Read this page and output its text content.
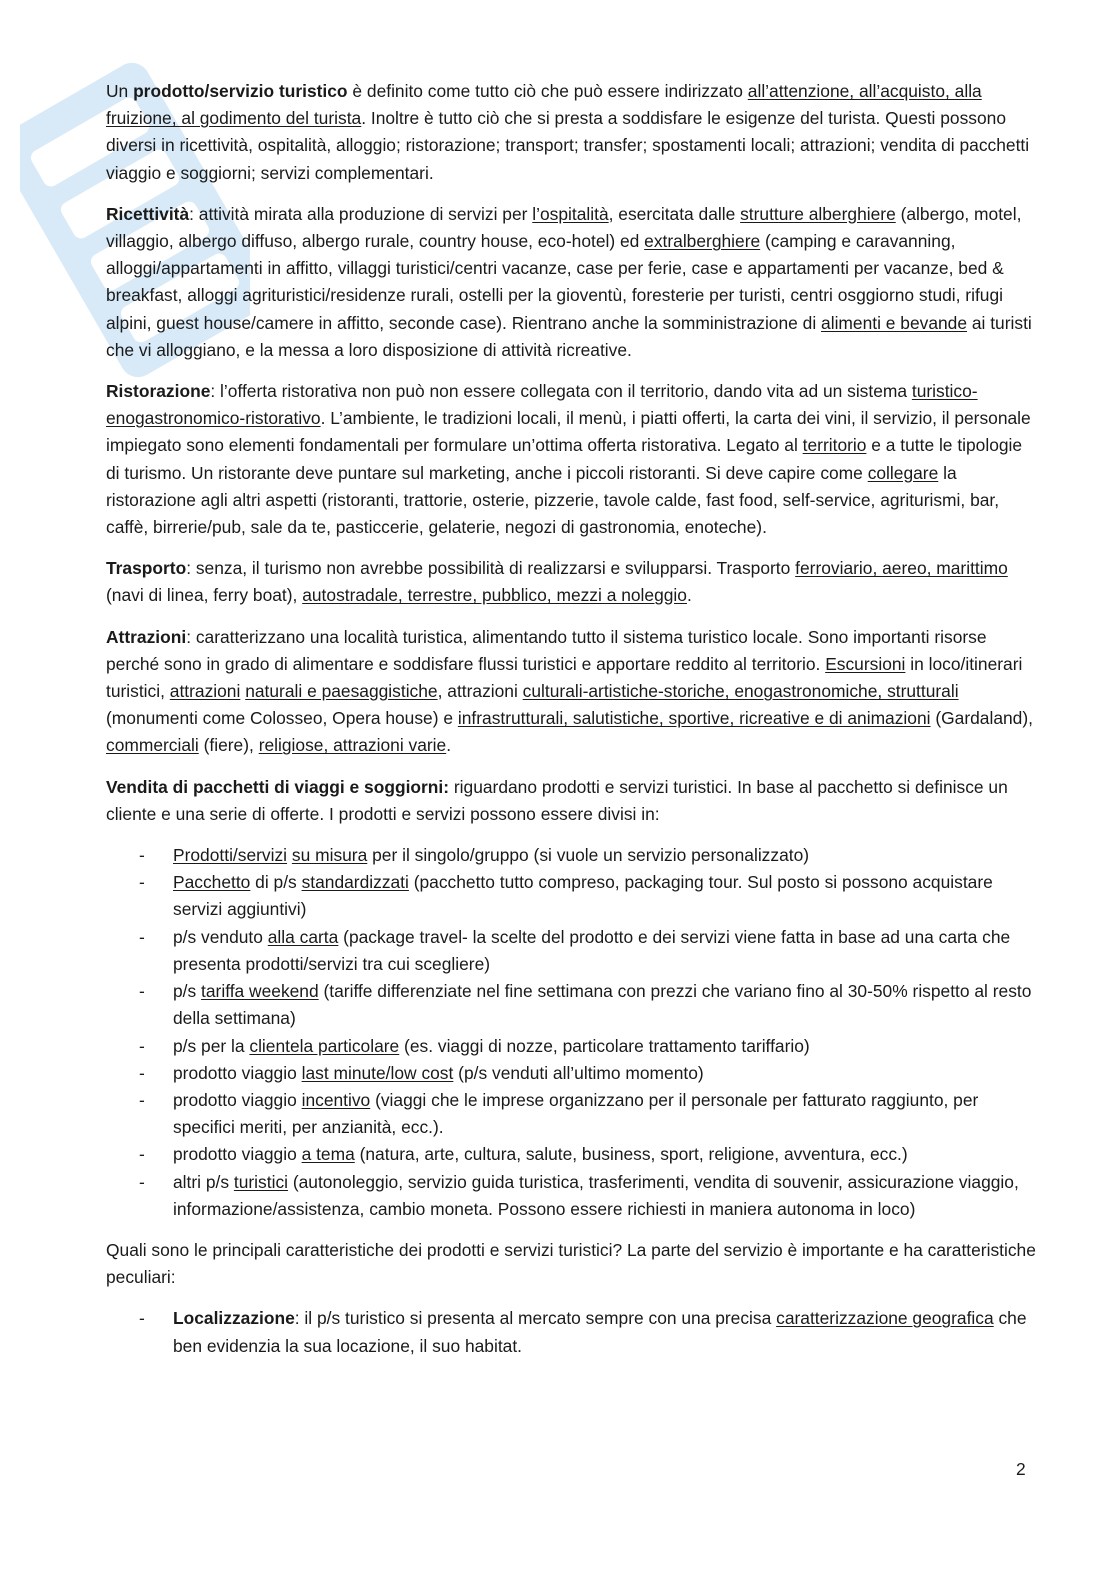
Un prodotto/servizio turistico è definito come tutto ciò che può essere indirizzato all’attenzione, all’acquisto, alla fruizione, al godimento del turista. Inoltre è tutto ciò che si presta a soddisfare le esigenze del turista. Questi possono diversi in ricettività, ospitalità, alloggio; ristorazione; transport; transfer; spostamenti locali; attrazioni; vendita di pacchetti viaggio e soggiorni; servizi complementari.

Ricettività: attività mirata alla produzione di servizi per l’ospitalità, esercitata dalle strutture alberghiere (albergo, motel, villaggio, albergo diffuso, albergo rurale, country house, eco-hotel) ed extralberghiere (camping e caravanning, alloggi/appartamenti in affitto, villaggi turistici/centri vacanze, case per ferie, case e appartamenti per vacanze, bed & breakfast, alloggi agrituristici/residenze rurali, ostelli per la gioventù, foresterie per turisti, centri osggiorno studi, rifugi alpini, guest house/camere in affitto, seconde case). Rientrano anche la somministrazione di alimenti e bevande ai turisti che vi alloggiano, e la messa a loro disposizione di attività ricreative.

Ristorazione: l’offerta ristorativa non può non essere collegata con il territorio, dando vita ad un sistema turistico-enogastronomico-ristorativo. L’ambiente, le tradizioni locali, il menù, i piatti offerti, la carta dei vini, il servizio, il personale impiegato sono elementi fondamentali per formulare un’ottima offerta ristorativa. Legato al territorio e a tutte le tipologie di turismo. Un ristorante deve puntare sul marketing, anche i piccoli ristoranti. Si deve capire come collegare la ristorazione agli altri aspetti (ristoranti, trattorie, osterie, pizzerie, tavole calde, fast food, self-service, agriturismi, bar, caffè, birrerie/pub, sale da te, pasticcerie, gelaterie, negozi di gastronomia, enoteche).

Trasporto: senza, il turismo non avrebbe possibilità di realizzarsi e svilupparsi. Trasporto ferroviario, aereo, marittimo (navi di linea, ferry boat), autostradale, terrestre, pubblico, mezzi a noleggio.

Attrazioni: caratterizzano una località turistica, alimentando tutto il sistema turistico locale. Sono importanti risorse perché sono in grado di alimentare e soddisfare flussi turistici e apportare reddito al territorio. Escursioni in loco/itinerari turistici, attrazioni naturali e paesaggistiche, attrazioni culturali-artistiche-storiche, enogastronomiche, strutturali (monumenti come Colosseo, Opera house) e infrastrutturali, salutistiche, sportive, ricreative e di animazioni (Gardaland), commerciali (fiere), religiose, attrazioni varie.

Vendita di pacchetti di viaggi e soggiorni: riguardano prodotti e servizi turistici. In base al pacchetto si definisce un cliente e una serie di offerte. I prodotti e servizi possono essere divisi in:

- Prodotti/servizi su misura per il singolo/gruppo (si vuole un servizio personalizzato)
- Pacchetto di p/s standardizzati (pacchetto tutto compreso, packaging tour. Sul posto si possono acquistare servizi aggiuntivi)
- p/s venduto alla carta (package travel- la scelte del prodotto e dei servizi viene fatta in base ad una carta che presenta prodotti/servizi tra cui scegliere)
- p/s tariffa weekend (tariffe differenziate nel fine settimana con prezzi che variano fino al 30-50% rispetto al resto della settimana)
- p/s per la clientela particolare (es. viaggi di nozze, particolare trattamento tariffario)
- prodotto viaggio last minute/low cost (p/s venduti all’ultimo momento)
- prodotto viaggio incentivo (viaggi che le imprese organizzano per il personale per fatturato raggiunto, per specifici meriti, per anzianità, ecc.).
- prodotto viaggio a tema (natura, arte, cultura, salute, business, sport, religione, avventura, ecc.)
- altri p/s turistici (autonoleggio, servizio guida turistica, trasferimenti, vendita di souvenir, assicurazione viaggio, informazione/assistenza, cambio moneta. Possono essere richiesti in maniera autonoma in loco)

Quali sono le principali caratteristiche dei prodotti e servizi turistici? La parte del servizio è importante e ha caratteristiche peculiari:

- Localizzazione: il p/s turistico si presenta al mercato sempre con una precisa caratterizzazione geografica che ben evidenzia la sua locazione, il suo habitat.
2
